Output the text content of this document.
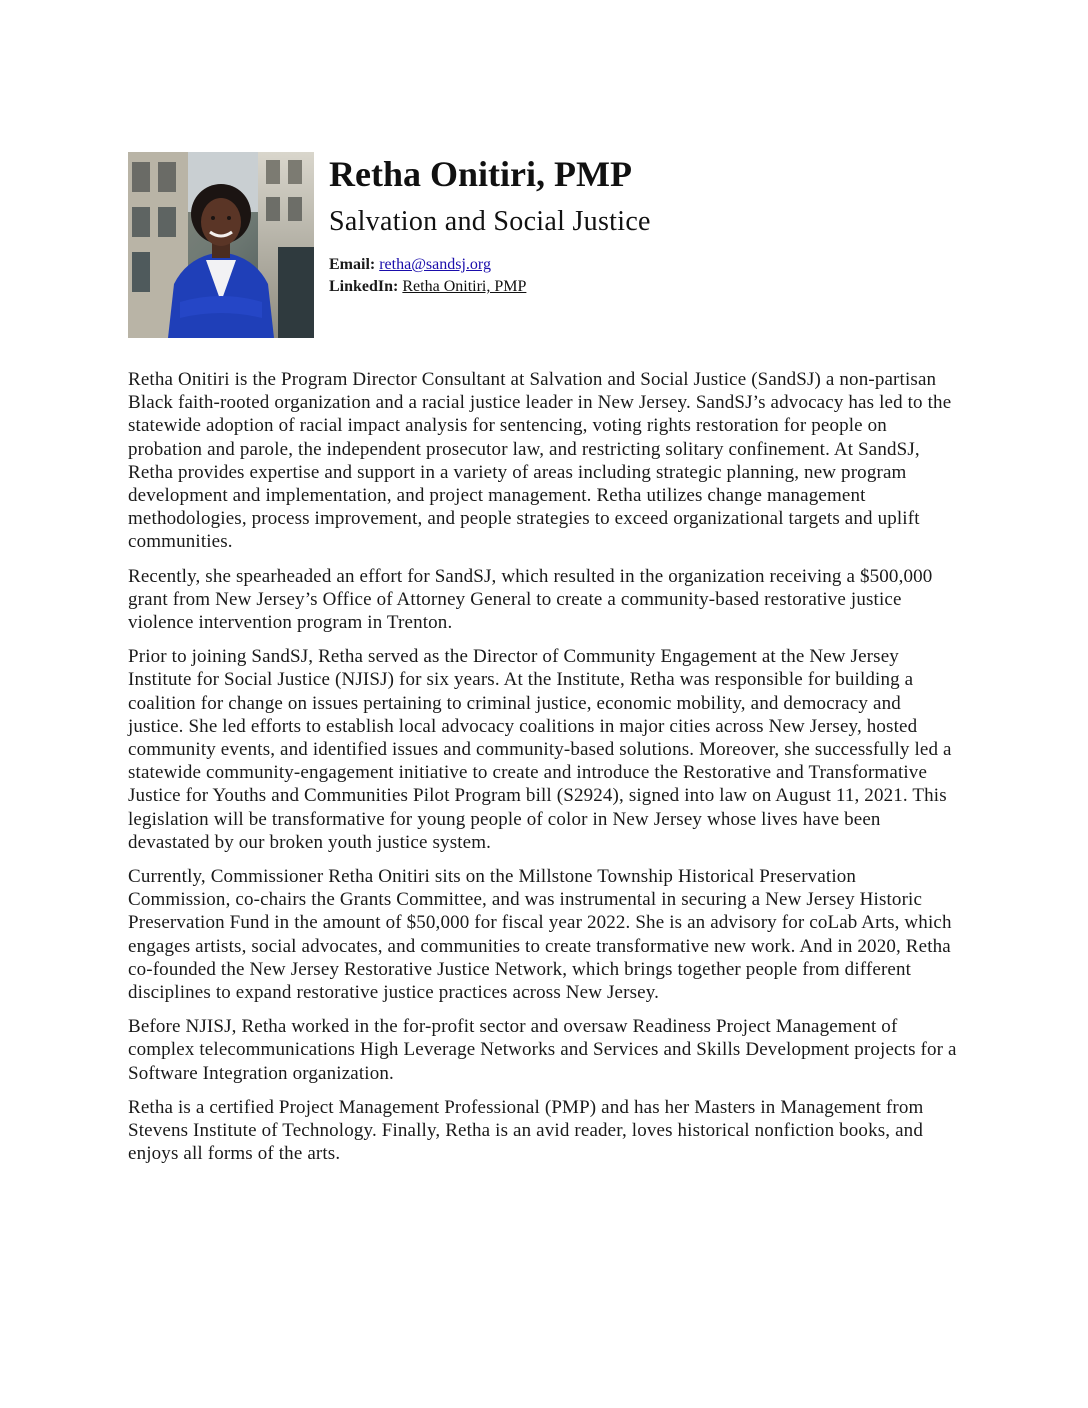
Retha Onitiri, PMP
Salvation and Social Justice
Email: retha@sandsj.org
LinkedIn: Retha Onitiri, PMP

Retha Onitiri is the Program Director Consultant at Salvation and Social Justice (SandSJ) a non-partisan Black faith-rooted organization and a racial justice leader in New Jersey. SandSJ’s advocacy has led to the statewide adoption of racial impact analysis for sentencing, voting rights restoration for people on probation and parole, the independent prosecutor law, and restricting solitary confinement. At SandSJ, Retha provides expertise and support in a variety of areas including strategic planning, new program development and implementation, and project management. Retha utilizes change management methodologies, process improvement, and people strategies to exceed organizational targets and uplift communities.

Recently, she spearheaded an effort for SandSJ, which resulted in the organization receiving a $500,000 grant from New Jersey’s Office of Attorney General to create a community-based restorative justice violence intervention program in Trenton.

Prior to joining SandSJ, Retha served as the Director of Community Engagement at the New Jersey Institute for Social Justice (NJISJ) for six years. At the Institute, Retha was responsible for building a coalition for change on issues pertaining to criminal justice, economic mobility, and democracy and justice. She led efforts to establish local advocacy coalitions in major cities across New Jersey, hosted community events, and identified issues and community-based solutions. Moreover, she successfully led a statewide community-engagement initiative to create and introduce the Restorative and Transformative Justice for Youths and Communities Pilot Program bill (S2924), signed into law on August 11, 2021. This legislation will be transformative for young people of color in New Jersey whose lives have been devastated by our broken youth justice system.

Currently, Commissioner Retha Onitiri sits on the Millstone Township Historical Preservation Commission, co-chairs the Grants Committee, and was instrumental in securing a New Jersey Historic Preservation Fund in the amount of $50,000 for fiscal year 2022. She is an advisory for coLab Arts, which engages artists, social advocates, and communities to create transformative new work. And in 2020, Retha co-founded the New Jersey Restorative Justice Network, which brings together people from different disciplines to expand restorative justice practices across New Jersey.

Before NJISJ, Retha worked in the for-profit sector and oversaw Readiness Project Management of complex telecommunications High Leverage Networks and Services and Skills Development projects for a Software Integration organization.

Retha is a certified Project Management Professional (PMP) and has her Masters in Management from Stevens Institute of Technology. Finally, Retha is an avid reader, loves historical nonfiction books, and enjoys all forms of the arts.
